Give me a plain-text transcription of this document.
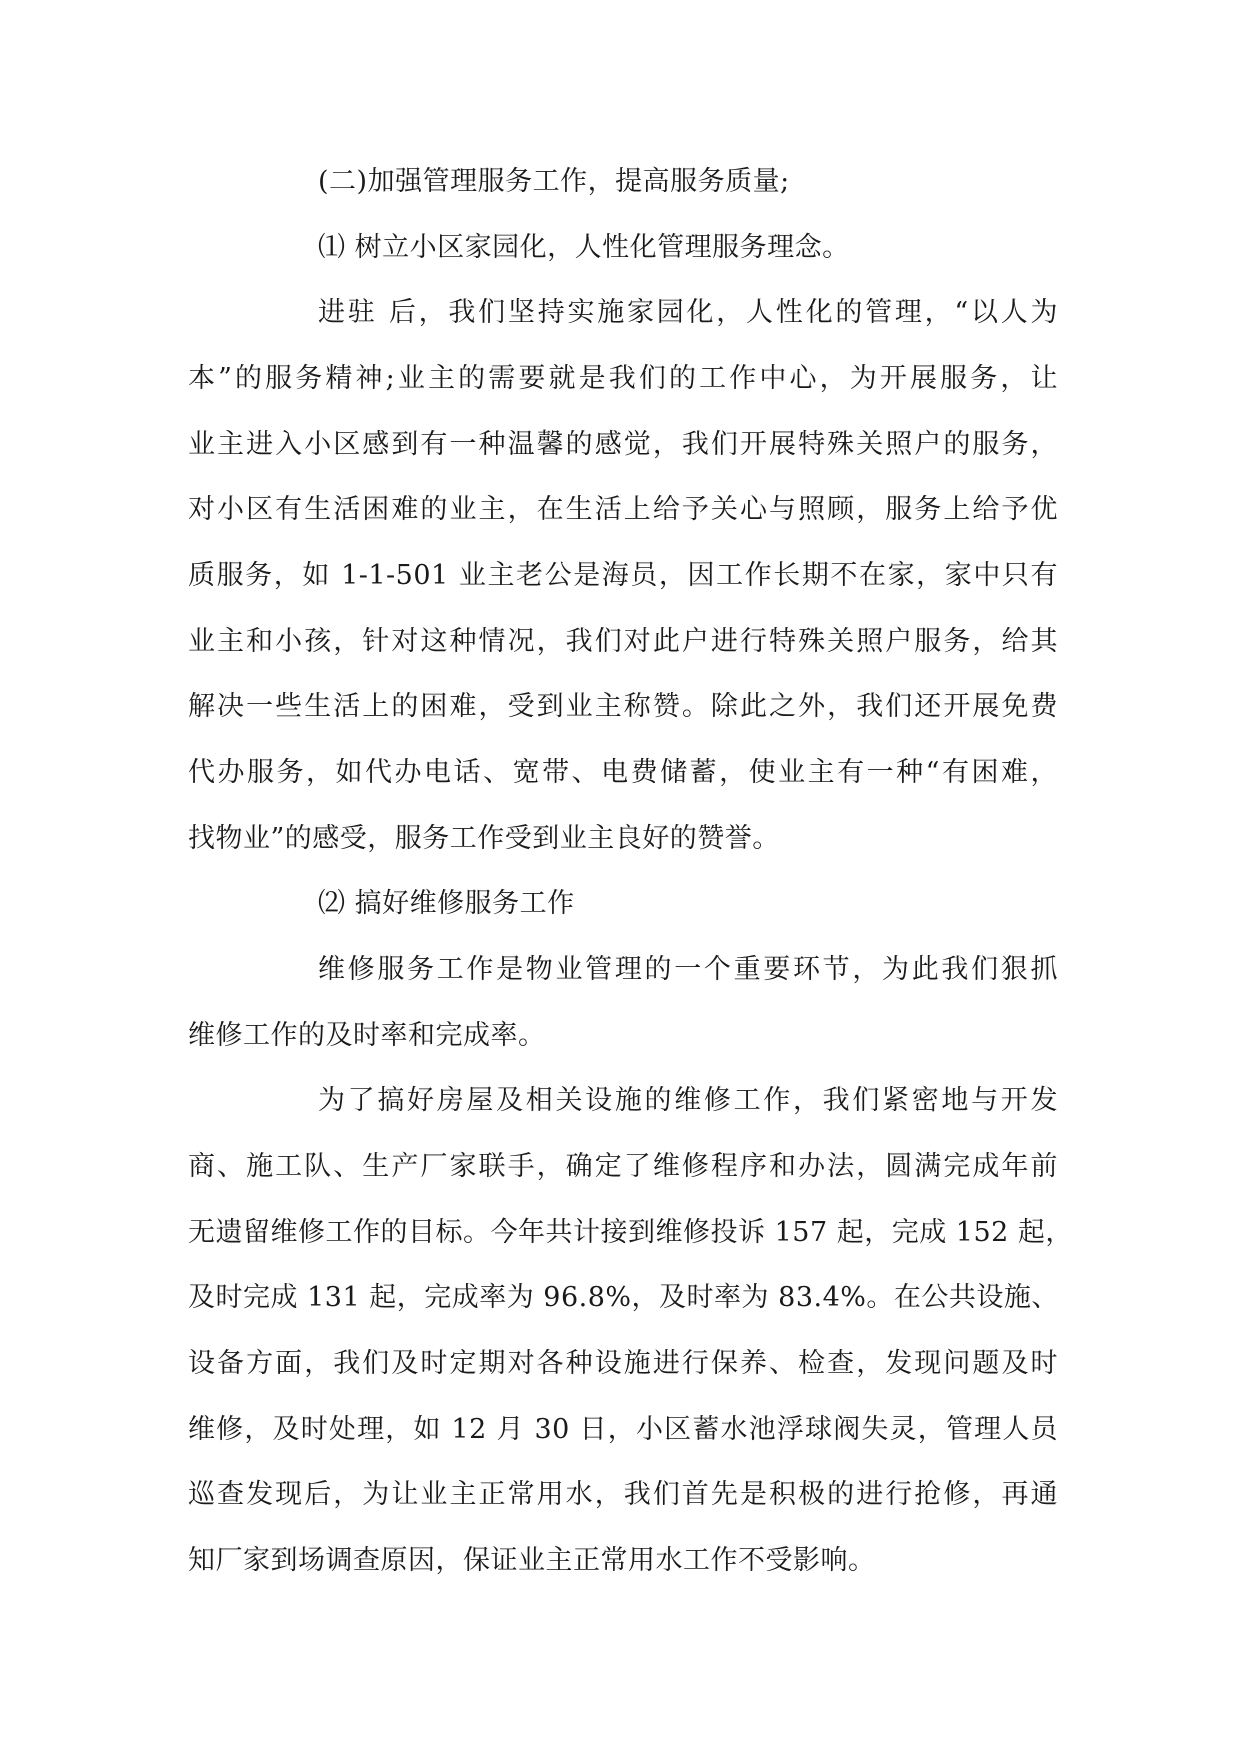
(二)加强管理服务工作，提高服务质量;
⑴ 树立小区家园化，人性化管理服务理念。
进驻 后，我们坚持实施家园化，人性化的管理，“以人为
本”的服务精神;业主的需要就是我们的工作中心，为开展服务，让
业主进入小区感到有一种温馨的感觉，我们开展特殊关照户的服务，
对小区有生活困难的业主，在生活上给予关心与照顾，服务上给予优
质服务，如 1-1-501 业主老公是海员，因工作长期不在家，家中只有
业主和小孩，针对这种情况，我们对此户进行特殊关照户服务，给其
解决一些生活上的困难，受到业主称赞。除此之外，我们还开展免费
代办服务，如代办电话、宽带、电费储蓄，使业主有一种“有困难，
找物业”的感受，服务工作受到业主良好的赞誉。
⑵ 搞好维修服务工作
维修服务工作是物业管理的一个重要环节，为此我们狠抓
维修工作的及时率和完成率。
为了搞好房屋及相关设施的维修工作，我们紧密地与开发
商、施工队、生产厂家联手，确定了维修程序和办法，圆满完成年前
无遗留维修工作的目标。今年共计接到维修投诉 157 起，完成 152 起，
及时完成 131 起，完成率为 96.8%，及时率为 83.4%。在公共设施、
设备方面，我们及时定期对各种设施进行保养、检查，发现问题及时
维修，及时处理，如 12 月 30 日，小区蓄水池浮球阀失灵，管理人员
巡查发现后，为让业主正常用水，我们首先是积极的进行抢修，再通
知厂家到场调查原因，保证业主正常用水工作不受影响。
